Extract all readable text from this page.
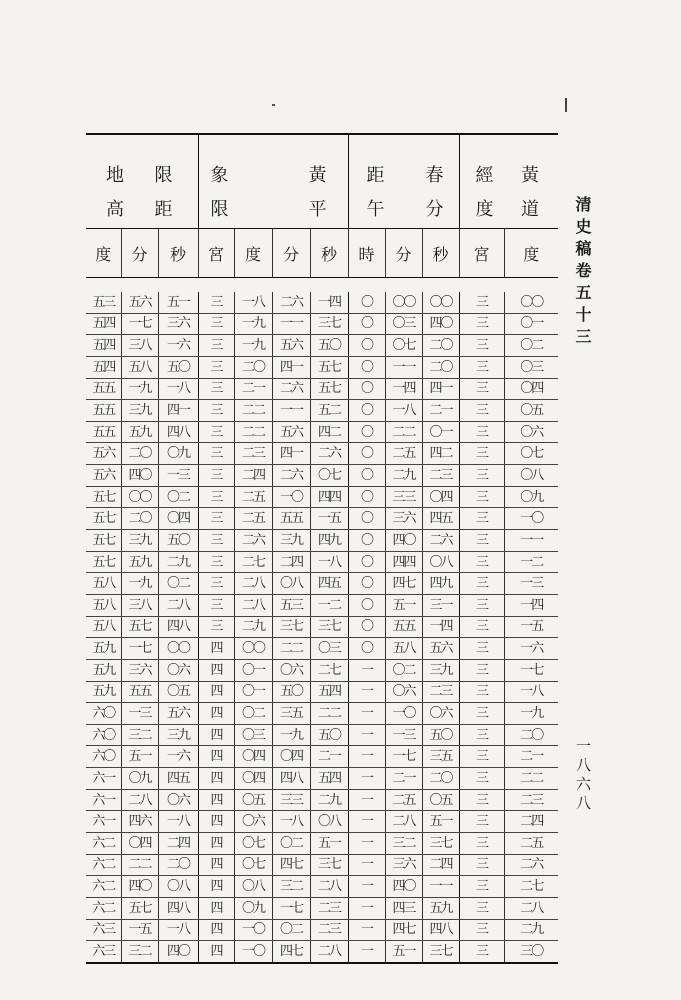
地 限			象 黃				距 春			經 黃	

高 距			限 平				午 分			度 道	

度	分	秒	宮	度	分	秒	時	分	秒	宮	度

五三	五六	五一	三	一八	二六	一四	〇	〇〇	〇〇	三	〇〇
五四	一七	三六	三	一九	一一	三七	〇	〇三	四〇	三	〇一
五四	三八	一六	三	一九	五六	五〇	〇	〇七	二〇	三	〇二
五四	五八	五〇	三	二〇	四一	五七	〇	一一	二〇	三	〇三
五五	一九	一八	三	二一	二六	五七	〇	一四	四一	三	〇四
五五	三九	四一	三	二二	一一	五二	〇	一八	二一	三	〇五
五五	五九	四八	三	二二	五六	四二	〇	二二	〇一	三	〇六
五六	二〇	〇九	三	二三	四一	二六	〇	二五	四二	三	〇七
五六	四〇	一三	三	二四	二六	〇七	〇	二九	二三	三	〇八
五七	〇〇	〇二	三	二五	一〇	四四	〇	三三	〇四	三	〇九
五七	二〇	〇四	三	二五	五五	一五	〇	三六	四五	三	一〇
五七	三九	五〇	三	二六	三九	四九	〇	四〇	二六	三	一一
五七	五九	二九	三	二七	二四	一八	〇	四四	〇八	三	一二
五八	一九	〇二	三	二八	〇八	四五	〇	四七	四九	三	一三
五八	三八	二八	三	二八	五三	一二	〇	五一	三一	三	一四
五八	五七	四八	三	二九	三七	三七	〇	五五	一四	三	一五
五九	一七	〇〇	四	〇〇	二二	〇三	〇	五八	五六	三	一六
五九	三六	〇六	四	〇一	〇六	二七	一	〇二	三九	三	一七
五九	五五	〇五	四	〇一	五〇	五四	一	〇六	二三	三	一八
六〇	一三	五六	四	〇二	三五	二二	一	一〇	〇六	三	一九
六〇	三二	三九	四	〇三	一九	五〇	一	一三	五〇	三	二〇
六〇	五一	一六	四	〇四	〇四	二一	一	一七	三五	三	二一
六一	〇九	四五	四	〇四	四八	五四	一	二一	二〇	三	二二
六一	二八	〇六	四	〇五	三三	二九	一	二五	〇五	三	二三
六一	四六	一八	四	〇六	一八	〇八	一	二八	五一	三	二四
六二	〇四	二四	四	〇七	〇二	五一	一	三二	三七	三	二五
六二	二二	二〇	四	〇七	四七	三七	一	三六	二四	三	二六
六二	四〇	〇八	四	〇八	三二	二八	一	四〇	一一	三	二七
六二	五七	四八	四	〇九	一七	二三	一	四三	五九	三	二八
六三	一五	一八	四	一〇	〇二	二三	一	四七	四八	三	二九
六三	三二	四〇	四	一〇	四七	二八	一	五一	三七	三	三〇
清史稿卷五十三
一八六八
